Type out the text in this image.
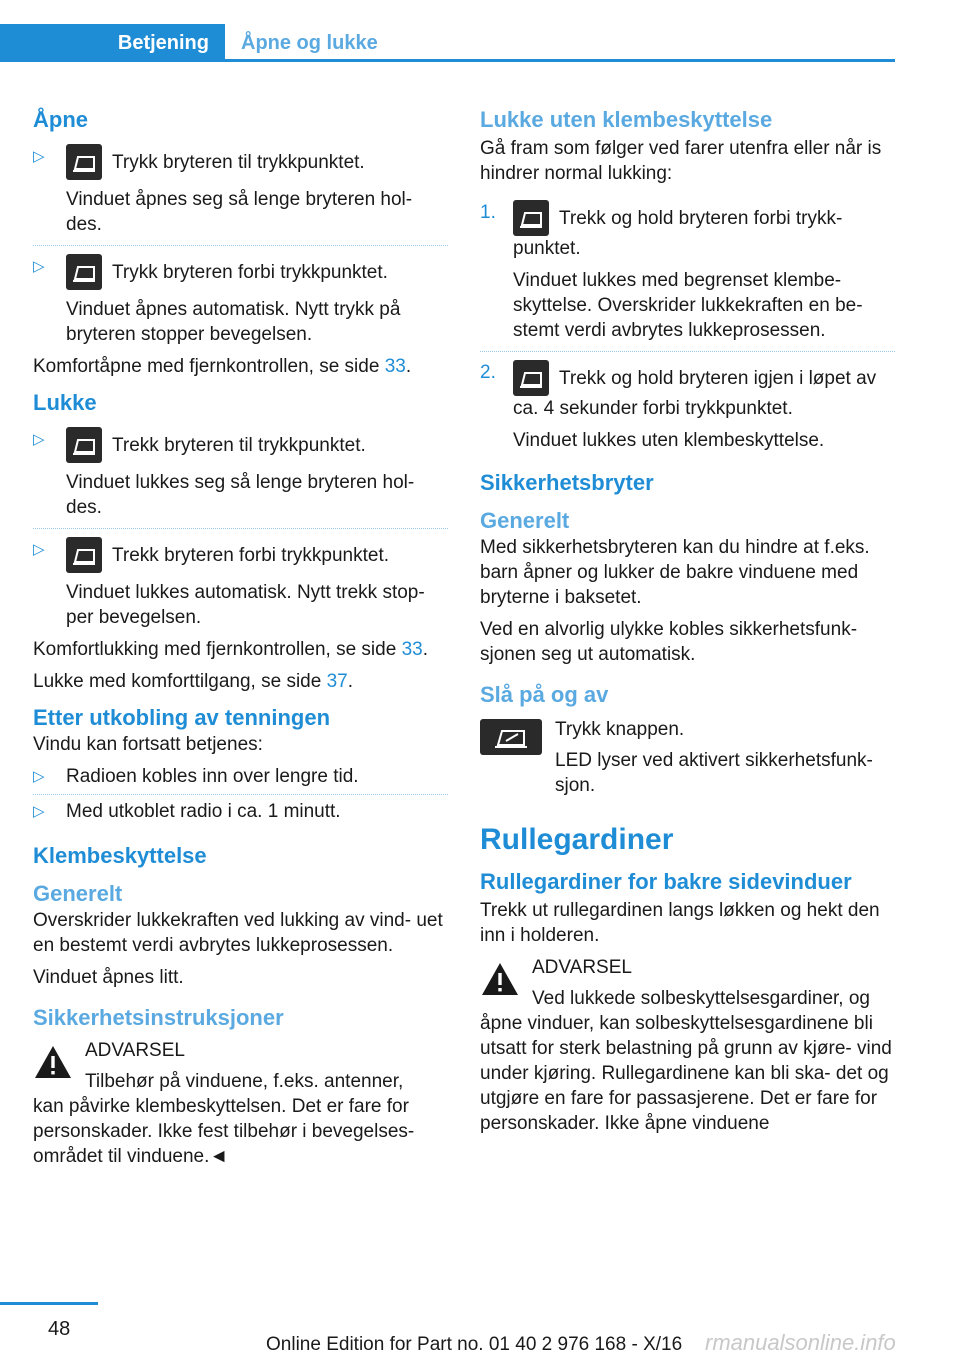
Betjening	Åpne og lukke
Åpne
▷	Trykk bryteren til trykkpunktet.

Vinduet åpnes seg så lenge bryteren hol‐ des.

▷	Trykk bryteren forbi trykkpunktet.

Vinduet åpnes automatisk. Nytt trykk på bryteren stopper bevegelsen.

Komfortåpne med fjernkontrollen, se side 33.

Lukke
▷	Trekk bryteren til trykkpunktet.

Vinduet lukkes seg så lenge bryteren hol‐ des.

▷	Trekk bryteren forbi trykkpunktet.

Vinduet lukkes automatisk. Nytt trekk stop‐ per bevegelsen.

Komfortlukking med fjernkontrollen, se side 33.

Lukke med komforttilgang, se side 37.

Etter utkobling av tenningen

Vindu kan fortsatt betjenes:

▷ Radioen kobles inn over lengre tid.
▷ Med utkoblet radio i ca. 1 minutt.
Klembeskyttelse
Generelt

Overskrider lukkekraften ved lukking av vind‐ uet en bestemt verdi avbrytes lukkeprosessen.

Vinduet åpnes litt.

Sikkerhetsinstruksjoner

ADVARSEL

Tilbehør på vinduene, f.eks. antenner,

kan påvirke klembeskyttelsen. Det er fare for personskader. Ikke fest tilbehør i bevegelses‐ området til vinduene.◄

Lukke uten klembeskyttelse

Gå fram som følger ved farer utenfra eller når is hindrer normal lukking:

1.	Trekk og hold bryteren forbi trykk‐ punktet.

Vinduet lukkes med begrenset klembe‐ skyttelse. Overskrider lukkekraften en be‐ stemt verdi avbrytes lukkeprosessen.

2.	Trekk og hold bryteren igjen i løpet av ca. 4 sekunder forbi trykkpunktet.

Vinduet lukkes uten klembeskyttelse.

Sikkerhetsbryter
Generelt

Med sikkerhetsbryteren kan du hindre at f.eks. barn åpner og lukker de bakre vinduene med bryterne i baksetet.

Ved en alvorlig ulykke kobles sikkerhetsfunk‐ sjonen seg ut automatisk.

Slå på og av

Trykk knappen.

LED lyser ved aktivert sikkerhetsfunk‐ sjon.

Rullegardiner
Rullegardiner for bakre sidevinduer

Trekk ut rullegardinen langs løkken og hekt den inn i holderen.

ADVARSEL

Ved lukkede solbeskyttelsesgardiner, og

åpne vinduer, kan solbeskyttelsesgardinene bli utsatt for sterk belastning på grunn av kjøre‐ vind under kjøring. Rullegardinene kan bli ska‐ det og utgjøre en fare for passasjerene. Det er fare for personskader. Ikke åpne vinduene

48
Online Edition for Part no. 01 40 2 976 168 - X/16 rmanualsonline.info
